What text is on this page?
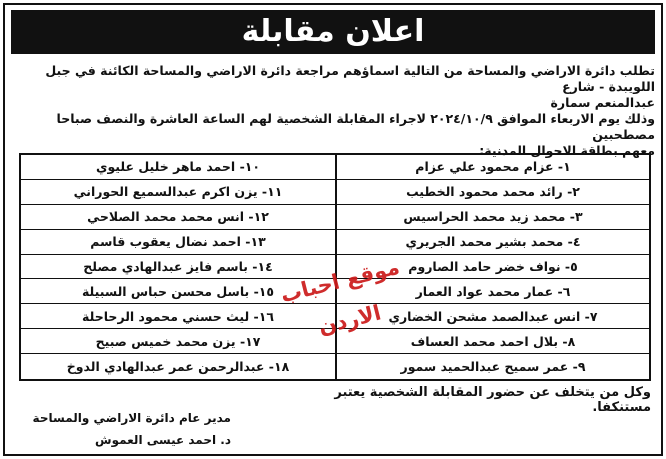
اعلان مقابلة

تطلب دائرة الاراضي والمساحة من التالية اسماؤهم مراجعة دائرة الاراضي والمساحة الكائنة في جبل اللويبدة - شارع

عبدالمنعم سمارة

وذلك يوم الاربعاء الموافق ٢٠٢٤/١٠/٩ لاجراء المقابلة الشخصية لهم الساعة العاشرة والنصف صباحا مصطحبين

معهم بطاقة الاحوال المدنية:

١- عزام محمود علي عزام
٢- رائد محمد محمود الخطيب
٣- محمد زيد محمد الحراسيس
٤- محمد بشير محمد الجريري
٥- نواف خضر حامد الصاروم
٦- عمار محمد عواد العمار
٧- انس عبدالصمد مشحن الخضاري
٨- بلال احمد محمد العساف
٩- عمر سميح عبدالحميد سمور
١٠- احمد ماهر خليل عليوي
١١- يزن اكرم عبدالسميع الحوراني
١٢- انس محمد محمد الصلاحي
١٣- احمد نضال يعقوب قاسم
١٤- باسم فايز عبدالهادي مصلح
١٥- باسل محسن حباس السبيلة
١٦- ليث حسني محمود الرحاحلة
١٧- يزن محمد خميس صبيح
١٨- عبدالرحمن عمر عبدالهادي الدوخ
موقع احباب الاردن
وكل من يتخلف عن حضور المقابلة الشخصية يعتبر مستنكفا.
مدير عام دائرة الاراضي والمساحة
د. احمد عيسى العموش
